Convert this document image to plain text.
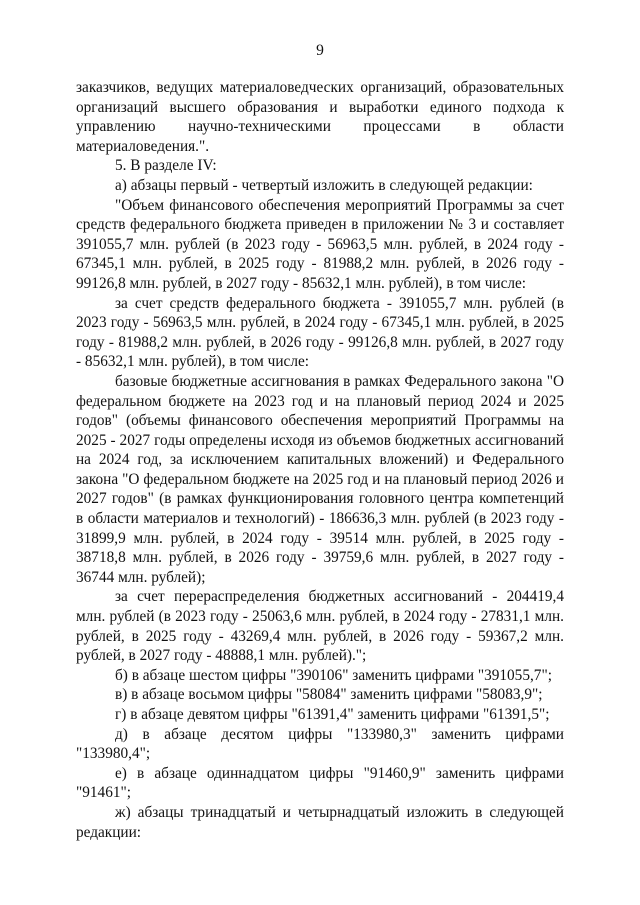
9

заказчиков, ведущих материаловедческих организаций, образовательных организаций высшего образования и выработки единого подхода к управлению научно-техническими процессами в области материаловедения.".

5. В разделе IV:

а) абзацы первый - четвертый изложить в следующей редакции:

"Объем финансового обеспечения мероприятий Программы за счет средств федерального бюджета приведен в приложении № 3 и составляет 391055,7 млн. рублей (в 2023 году - 56963,5 млн. рублей, в 2024 году - 67345,1 млн. рублей, в 2025 году - 81988,2 млн. рублей, в 2026 году - 99126,8 млн. рублей, в 2027 году - 85632,1 млн. рублей), в том числе:

за счет средств федерального бюджета - 391055,7 млн. рублей (в 2023 году - 56963,5 млн. рублей, в 2024 году - 67345,1 млн. рублей, в 2025 году - 81988,2 млн. рублей, в 2026 году - 99126,8 млн. рублей, в 2027 году - 85632,1 млн. рублей), в том числе:

базовые бюджетные ассигнования в рамках Федерального закона "О федеральном бюджете на 2023 год и на плановый период 2024 и 2025 годов" (объемы финансового обеспечения мероприятий Программы на 2025 - 2027 годы определены исходя из объемов бюджетных ассигнований на 2024 год, за исключением капитальных вложений) и Федерального закона "О федеральном бюджете на 2025 год и на плановый период 2026 и 2027 годов" (в рамках функционирования головного центра компетенций в области материалов и технологий) - 186636,3 млн. рублей (в 2023 году - 31899,9 млн. рублей, в 2024 году - 39514 млн. рублей, в 2025 году - 38718,8 млн. рублей, в 2026 году - 39759,6 млн. рублей, в 2027 году - 36744 млн. рублей);

за счет перераспределения бюджетных ассигнований - 204419,4 млн. рублей (в 2023 году - 25063,6 млн. рублей, в 2024 году - 27831,1 млн. рублей, в 2025 году - 43269,4 млн. рублей, в 2026 году - 59367,2 млн. рублей, в 2027 году - 48888,1 млн. рублей).";

б) в абзаце шестом цифры "390106" заменить цифрами "391055,7";

в) в абзаце восьмом цифры "58084" заменить цифрами "58083,9";

г) в абзаце девятом цифры "61391,4" заменить цифрами "61391,5";

д) в абзаце десятом цифры "133980,3" заменить цифрами "133980,4";

е) в абзаце одиннадцатом цифры "91460,9" заменить цифрами "91461";

ж) абзацы тринадцатый и четырнадцатый изложить в следующей редакции:
